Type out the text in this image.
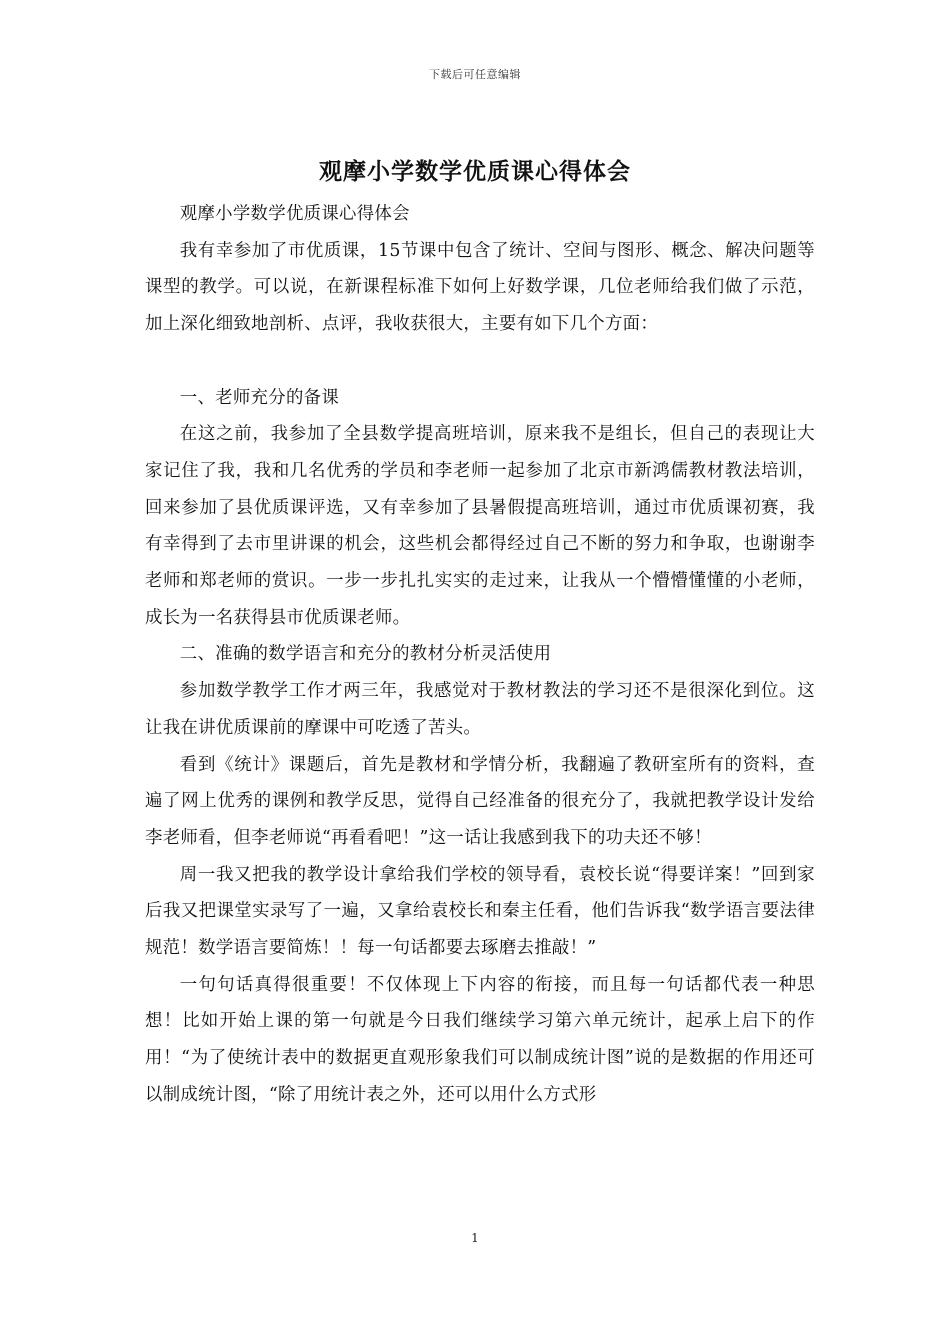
下载后可任意编辑
观摩小学数学优质课心得体会

观摩小学数学优质课心得体会

我有幸参加了市优质课，15节课中包含了统计、空间与图形、概念、解决问题等课型的教学。可以说，在新课程标准下如何上好数学课，几位老师给我们做了示范，加上深化细致地剖析、点评，我收获很大，主要有如下几个方面：

一、老师充分的备课

在这之前，我参加了全县数学提高班培训，原来我不是组长，但自己的表现让大家记住了我，我和几名优秀的学员和李老师一起参加了北京市新鸿儒教材教法培训，回来参加了县优质课评选，又有幸参加了县暑假提高班培训，通过市优质课初赛，我有幸得到了去市里讲课的机会，这些机会都得经过自己不断的努力和争取，也谢谢李老师和郑老师的赏识。一步一步扎扎实实的走过来，让我从一个懵懵懂懂的小老师，成长为一名获得县市优质课老师。

二、准确的数学语言和充分的教材分析灵活使用

参加数学教学工作才两三年，我感觉对于教材教法的学习还不是很深化到位。这让我在讲优质课前的摩课中可吃透了苦头。

看到《统计》课题后，首先是教材和学情分析，我翻遍了教研室所有的资料，查遍了网上优秀的课例和教学反思，觉得自己经准备的很充分了，我就把教学设计发给李老师看，但李老师说“再看看吧！”这一话让我感到我下的功夫还不够！

周一我又把我的教学设计拿给我们学校的领导看，袁校长说“得要详案！”回到家后我又把课堂实录写了一遍，又拿给袁校长和秦主任看，他们告诉我“数学语言要法律规范！数学语言要简炼！！每一句话都要去琢磨去推敲！”

一句句话真得很重要！不仅体现上下内容的衔接，而且每一句话都代表一种思想！比如开始上课的第一句就是今日我们继续学习第六单元统计，起承上启下的作用！“为了使统计表中的数据更直观形象我们可以制成统计图”说的是数据的作用还可以制成统计图，“除了用统计表之外，还可以用什么方式形

1
